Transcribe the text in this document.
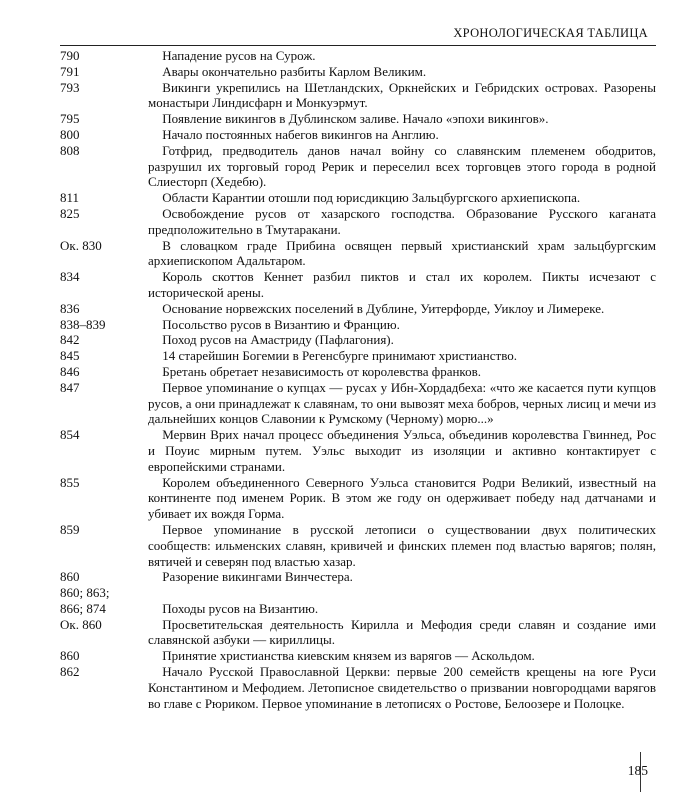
ХРОНОЛОГИЧЕСКАЯ ТАБЛИЦА
790	Нападение русов на Сурож.
791	Авары окончательно разбиты Карлом Великим.
793	Викинги укрепились на Шетландских, Оркнейских и Гебридских островах. Разорены монастыри Линдисфарн и Монкуэрмут.
795	Появление викингов в Дублинском заливе. Начало «эпохи викингов».
800	Начало постоянных набегов викингов на Англию.
808	Готфрид, предводитель данов начал войну со славянским племенем ободритов, разрушил их торговый город Рерик и переселил всех торговцев этого города в родной Слиесторп (Хедебю).
811	Области Карантии отошли под юрисдикцию Зальцбургского архиепископа.
825	Освобождение русов от хазарского господства. Образование Русского каганата предположительно в Тмутаракани.
Ок. 830	В словацком граде Прибина освящен первый христианский храм зальцбургским архиепископом Адальтаром.
834	Король скоттов Кеннет разбил пиктов и стал их королем. Пикты исчезают с исторической арены.
836	Основание норвежских поселений в Дублине, Уитерфорде, Уиклоу и Лимереке.
838–839	Посольство русов в Византию и Францию.
842	Поход русов на Амастриду (Пафлагония).
845	14 старейшин Богемии в Регенсбурге принимают христианство.
846	Бретань обретает независимость от королевства франков.
847	Первое упоминание о купцах — русах у Ибн-Хордадбеха: «что же касается пути купцов русов, а они принадлежат к славянам, то они вывозят меха бобров, черных лисиц и мечи из дальнейших концов Славонии к Румскому (Черному) морю...»
854	Мервин Врих начал процесс объединения Уэльса, объединив королевства Гвиннед, Рос и Поуис мирным путем. Уэльс выходит из изоляции и активно контактирует с европейскими странами.
855	Королем объединенного Северного Уэльса становится Родри Великий, известный на континенте под именем Рорик. В этом же году он одерживает победу над датчанами и убивает их вождя Горма.
859	Первое упоминание в русской летописи о существовании двух политических сообществ: ильменских славян, кривичей и финских племен под властью варягов; полян, вятичей и северян под властью хазар.
860	Разорение викингами Винчестера.
860; 863;
866; 874	Походы русов на Византию.
Ок. 860	Просветительская деятельность Кирилла и Мефодия среди славян и создание ими славянской азбуки — кириллицы.
860	Принятие христианства киевским князем из варягов — Аскольдом.
862	Начало Русской Православной Церкви: первые 200 семейств крещены на юге Руси Константином и Мефодием. Летописное свидетельство о призвании новгородцами варягов во главе с Рюриком. Первое упоминание в летописях о Ростове, Белоозере и Полоцке.
185
